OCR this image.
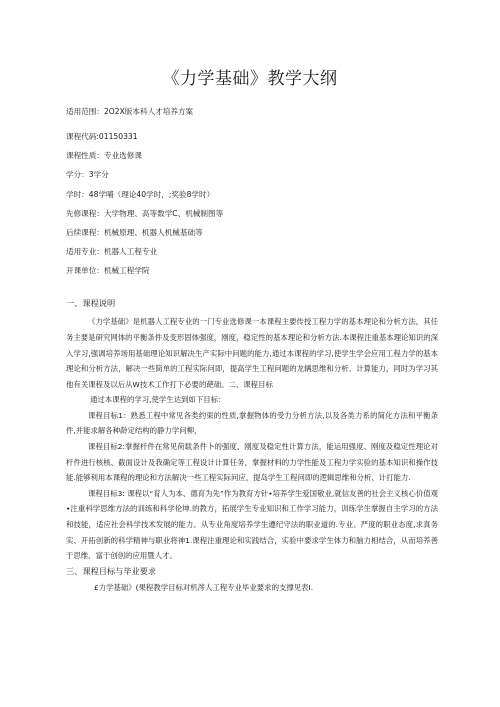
《力学基础》教学大纲
适用范围：2O2X版本科人才培养方案
课程代码:01150331
课程性质：专业选修课
学分：3学分
学时：48学哺（理论40学时，;奖验8学时）
先修课程：大学物理、高等数学C、机械制图等
后续课程：机械原理、机器人机械基础等
适用专业：机器人工程专业
开课单位：机械工程学院
一、课程说明

《力学基础》是机器人工程专业的一门专业选修课一本课程主要传授工程力学的基本理论和分析方法，其任务主要是研究网体的平衡条件及变形固体强度，刚度，稳定性的基本理论和分析方法.本课程注重基本理论知识的深入学习,强调培养场用基础理论知识解决生产实际中问题的能力,通过本课程的学习,使学生学会应用工程力学的基本理论和分析方法，解决一些简单的工程实际问即，提高学生工程问题的龙辆思维和分析、计算能力，同时为学习其他有关课程及以后从W技术工作打下必要的葩础。二、课程目标

通过本课程的学习,使学生达到如下目标：

课程目标1：熟悉工程中常见各类约束的性质,掌握物体的受力分析方法,以及各类力系的简化方法和平衡条件,并能求解各种龄定结构的静力学问柳，

课程目标2:掌握杆件在常见荷载条件卜的强度、刚度及稳定性计算方法，能运用强度、刚度及稳定性理论对杆件进行核核、截面设计及我确定等工程设计计算任务，掌握材料的力学性能及工程力学实验的基本知识和操作技能.能够利用本课程的理论和方法解决一些工程实际问应，提岛学生工程问即的逻辑思维和分析、计打能力.

课程目标3: 课程以“育人为本、德育为先”作为教育方针•培养学生爱国敬业,就信友善的社会主义核心价值观•注重科学思维方法的训练和科学伦坤.的教方，拓展学生专业知识和工作学习能力，训练学生掌握自主学习的方法和技能，适应社会科学技术发展的能力。从专业角度培养学生遵纪守法的职业道的.专业、严度的职业态度,求真务实、开拓创新的科学精神与职业将神1.课程注重理论和实践结合，实验中要求学生体力和脑力相结合，从而培养善于思维、富于创创的应用暨人才。

三、课程目标与毕业要求

£力学基础》(果程教学目标对机涔人工程专业毕业要求的支撑见表I.
